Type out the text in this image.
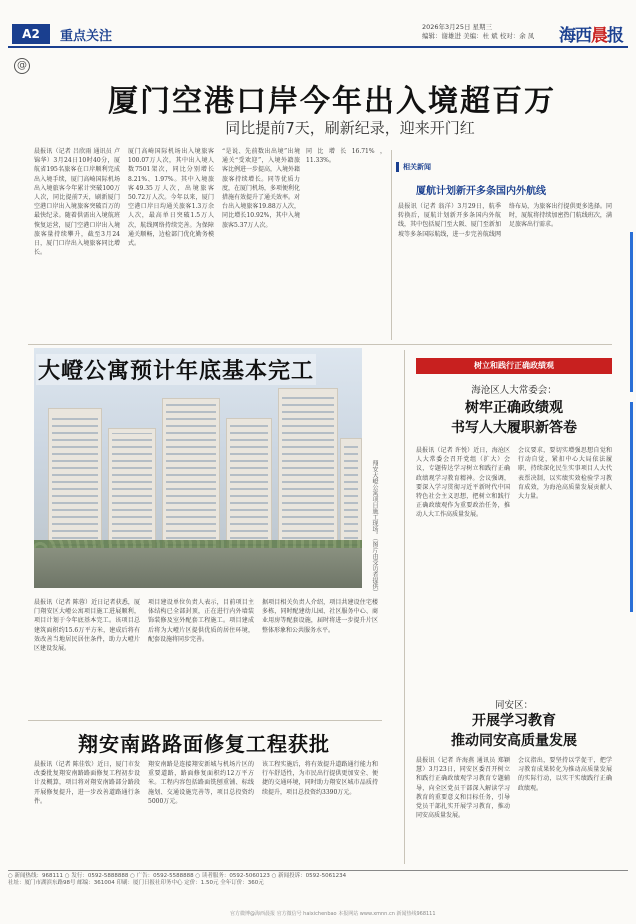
A2	重点关注
2026年3月25日 星期三
编辑：谢雄进 美编：杜 斌 校对：余 凤	海西晨报
@
厦门空港口岸今年出入境超百万
同比提前7天，刷新纪录，迎来开门红
晨报讯（记者 吕欣雨 通讯员 卢锦华）3月24日10时40分，厦航省195名旅客在口岸顺利完成出入境手续，厦门高崎国际机场出入境旅客今年累计突破100万人次，同比提前7天，刷新厦门空港口岸出入境旅客突破百万的最快纪录。随着供需出入境航班恢复运营，厦门空港口岸出入境旅客量持续攀升，截至3月24日，厦门口岸出入境旅客同比增长。
厦门高崎国际机场出入境旅客100.07万人次，其中出入境人数7501架次，同比分别增长8.21%、1.97%。其中入境旅客49.35万人次，出境旅客50.72万人次。今年以来，厦门空港口岸日均通关旅客1.3万余人次，最高单日突破1.5万人次，航线网络持续完善。为保障通关顺畅，边检部门优化勤务模式。
“是说、先前数出出境”出境通关“受欢迎”，入境外籍旅客比例进一步提高，入境外籍旅客持续增长。同等优质力度，在厦门机场，多项便利化措施有效提升了通关效率。对台出入境旅客19.88万人次，同比增长10.92%，其中入境旅客5.37万人次。
同比增长16.71%，11.33%。
相关新闻
厦航计划新开多条国内外航线
晨报讯（记者 翁洋）3月29日，航季转换后，厦航计划新开多条国内外航线，其中包括厦门至大阪、厦门至新加坡等多条国际航线，进一步完善航线网络布局，为旅客出行提供更多选择。同时，厦航将持续加密热门航线班次，满足旅客出行需求。
大嶝公寓预计年底基本完工
翔安大嶝公寓项目施工现场。（图片由受访者提供）
晨报讯（记者 陈蓉）近日记者获悉，厦门翔安区大嶝公寓项目施工进展顺利，项目计划于今年底基本完工。该项目总建筑面积约15.6万平方米，建成后将有效改善当地居民居住条件，助力大嶝片区建设发展。
项目建设单位负责人表示，目前项目主体结构已全部封顶，正在进行内外墙装饰装修及室外配套工程施工。项目建成后将为大嶝片区提供优质的居住环境，配套设施将同步完善。
据项目相关负责人介绍，项目共建设住宅楼多栋，同时配建幼儿园、社区服务中心、商业用房等配套设施，届时将进一步提升片区整体形象和公共服务水平。
翔安南路路面修复工程获批
晨报讯（记者 陈佳钦）近日，厦门市发改委批复翔安南路路面修复工程初步设计及概算，项目将对翔安南路部分路段开展修复提升，进一步改善道路通行条件。
翔安南路是连接翔安新城与机场片区的重要道路，路面修复面积约12万平方米。工程内容包括路面铣刨重铺、标线施划、交通设施完善等，项目总投资约5000万元。
该工程实施后，将有效提升道路通行能力和行车舒适性，为市民出行提供更加安全、便捷的交通环境，同时助力翔安区城市品质持续提升，项目总投资约3390万元。
树立和践行正确政绩观
海沧区人大常委会：
树牢正确政绩观
书写人大履职新答卷
晨报讯（记者 许悦）近日，海沧区人大常委会召开党组（扩大）会议，专题传达学习树立和践行正确政绩观学习教育精神。会议强调，要深入学习贯彻习近平新时代中国特色社会主义思想，把树立和践行正确政绩观作为重要政治任务，推动人大工作高质量发展。
会议要求，要切实增强思想自觉和行动自觉，紧扣中心大局依法履职，持续深化民生实事项目人大代表票决制，以实绩实效检验学习教育成效，为海沧高质量发展贡献人大力量。
同安区：
开展学习教育
推动同安高质量发展
晨报讯（记者 许海燕 通讯员 郑颖慧）3月23日，同安区委召开树立和践行正确政绩观学习教育专题辅导，向全区党员干部深入解读学习教育的重要意义和目标任务，引导党员干部扎实开展学习教育，推动同安高质量发展。
会议指出，要坚持以学促干，把学习教育成果转化为推动高质量发展的实际行动，以实干实绩践行正确政绩观。
○ 新闻热线：968111 ○ 发行：0592-5888888 ○ 广告：0592-5588888 ○ 读者服务：0592-5060123 ○ 新闻投诉：0592-5061234
社址：厦门市湖滨东路98号 邮编：361004 印刷：厦门日报社印务中心 定价：1.50元 全年订价：360元
官方微博@海西晨报 官方微信号 haixichenbao 本报网站 www.xmnn.cn 新闻热线968111
